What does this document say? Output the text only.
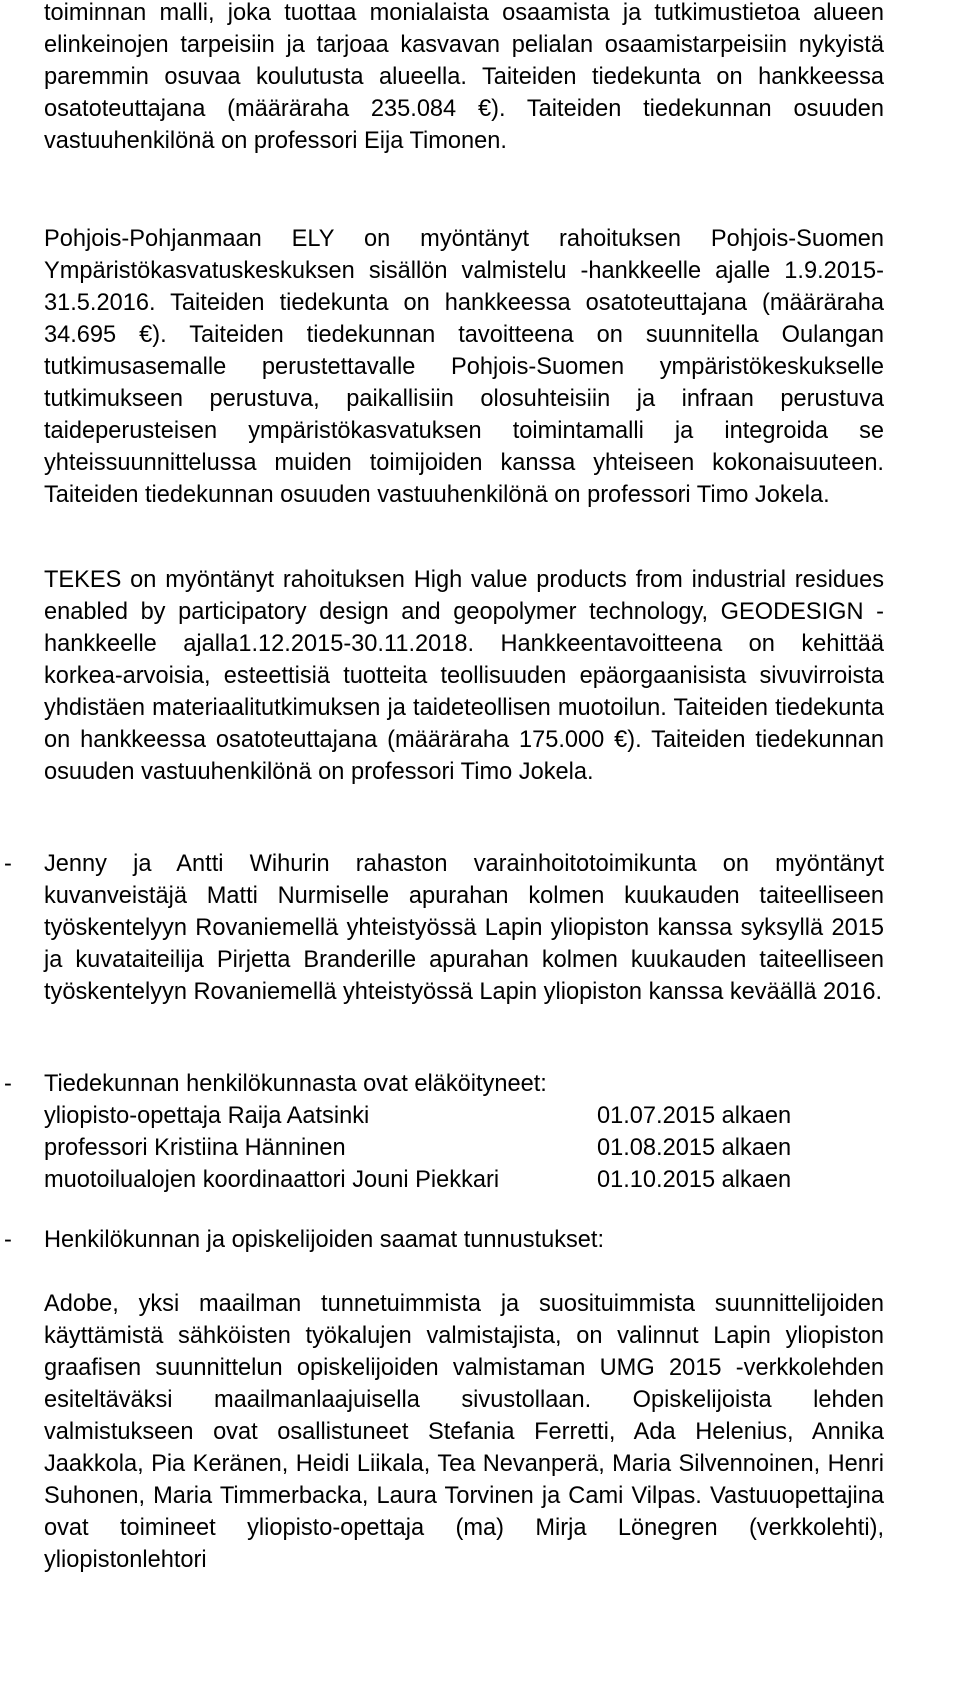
toiminnan malli, joka tuottaa monialaista osaamista ja tutkimustietoa alueen elinkeinojen tarpeisiin ja tarjoaa kasvavan pelialan osaamistarpeisiin nykyistä paremmin osuvaa koulutusta alueella. Taiteiden tiedekunta on hankkeessa osatoteuttajana (määräraha 235.084 €). Taiteiden tiedekunnan osuuden vastuuhenkilönä on professori Eija Timonen.

Pohjois-Pohjanmaan ELY on myöntänyt rahoituksen Pohjois-Suomen Ympäristökasvatuskeskuksen sisällön valmistelu -hankkeelle ajalle 1.9.2015-31.5.2016. Taiteiden tiedekunta on hankkeessa osatoteuttajana (määräraha 34.695 €). Taiteiden tiedekunnan tavoitteena on suunnitella Oulangan tutkimusasemalle perustettavalle Pohjois-Suomen ympäristökeskukselle tutkimukseen perustuva, paikallisiin olosuhteisiin ja infraan perustuva taideperusteisen ympäristökasvatuksen toimintamalli ja integroida se yhteissuunnittelussa muiden toimijoiden kanssa yhteiseen kokonaisuuteen. Taiteiden tiedekunnan osuuden vastuuhenkilönä on professori Timo Jokela.

TEKES on myöntänyt rahoituksen High value products from industrial residues enabled by participatory design and geopolymer technology, GEODESIGN -hankkeelle ajalla1.12.2015-30.11.2018. Hankkeentavoitteena on kehittää korkea-arvoisia, esteettisiä tuotteita teollisuuden epäorgaanisista sivuvirroista yhdistäen materiaalitutkimuksen ja taideteollisen muotoilun. Taiteiden tiedekunta on hankkeessa osatoteuttajana (määräraha 175.000 €). Taiteiden tiedekunnan osuuden vastuuhenkilönä on professori Timo Jokela.

-	Jenny ja Antti Wihurin rahaston varainhoitotoimikunta on myöntänyt kuvanveistäjä Matti Nurmiselle apurahan kolmen kuukauden taiteelliseen työskentelyyn Rovaniemellä yhteistyössä Lapin yliopiston kanssa syksyllä 2015 ja kuvataiteilija Pirjetta Branderille apurahan kolmen kuukauden taiteelliseen työskentelyyn Rovaniemellä yhteistyössä Lapin yliopiston kanssa keväällä 2016.

-	Tiedekunnan henkilökunnasta ovat eläköityneet:
yliopisto-opettaja Raija Aatsinki	01.07.2015 alkaen
professori Kristiina Hänninen	01.08.2015 alkaen
muotoilualojen koordinaattori Jouni Piekkari	01.10.2015 alkaen
-	Henkilökunnan ja opiskelijoiden saamat tunnustukset:

Adobe, yksi maailman tunnetuimmista ja suosituimmista suunnittelijoiden käyttämistä sähköisten työkalujen valmistajista, on valinnut Lapin yliopiston graafisen suunnittelun opiskelijoiden valmistaman UMG 2015 -verkkolehden esiteltäväksi maailmanlaajuisella sivustollaan. Opiskelijoista lehden valmistukseen ovat osallistuneet Stefania Ferretti, Ada Helenius, Annika Jaakkola, Pia Keränen, Heidi Liikala, Tea Nevanperä, Maria Silvennoinen, Henri Suhonen, Maria Timmerbacka, Laura Torvinen ja Cami Vilpas. Vastuuopettajina ovat toimineet yliopisto-opettaja (ma) Mirja Lönegren (verkkolehti), yliopistonlehtori
